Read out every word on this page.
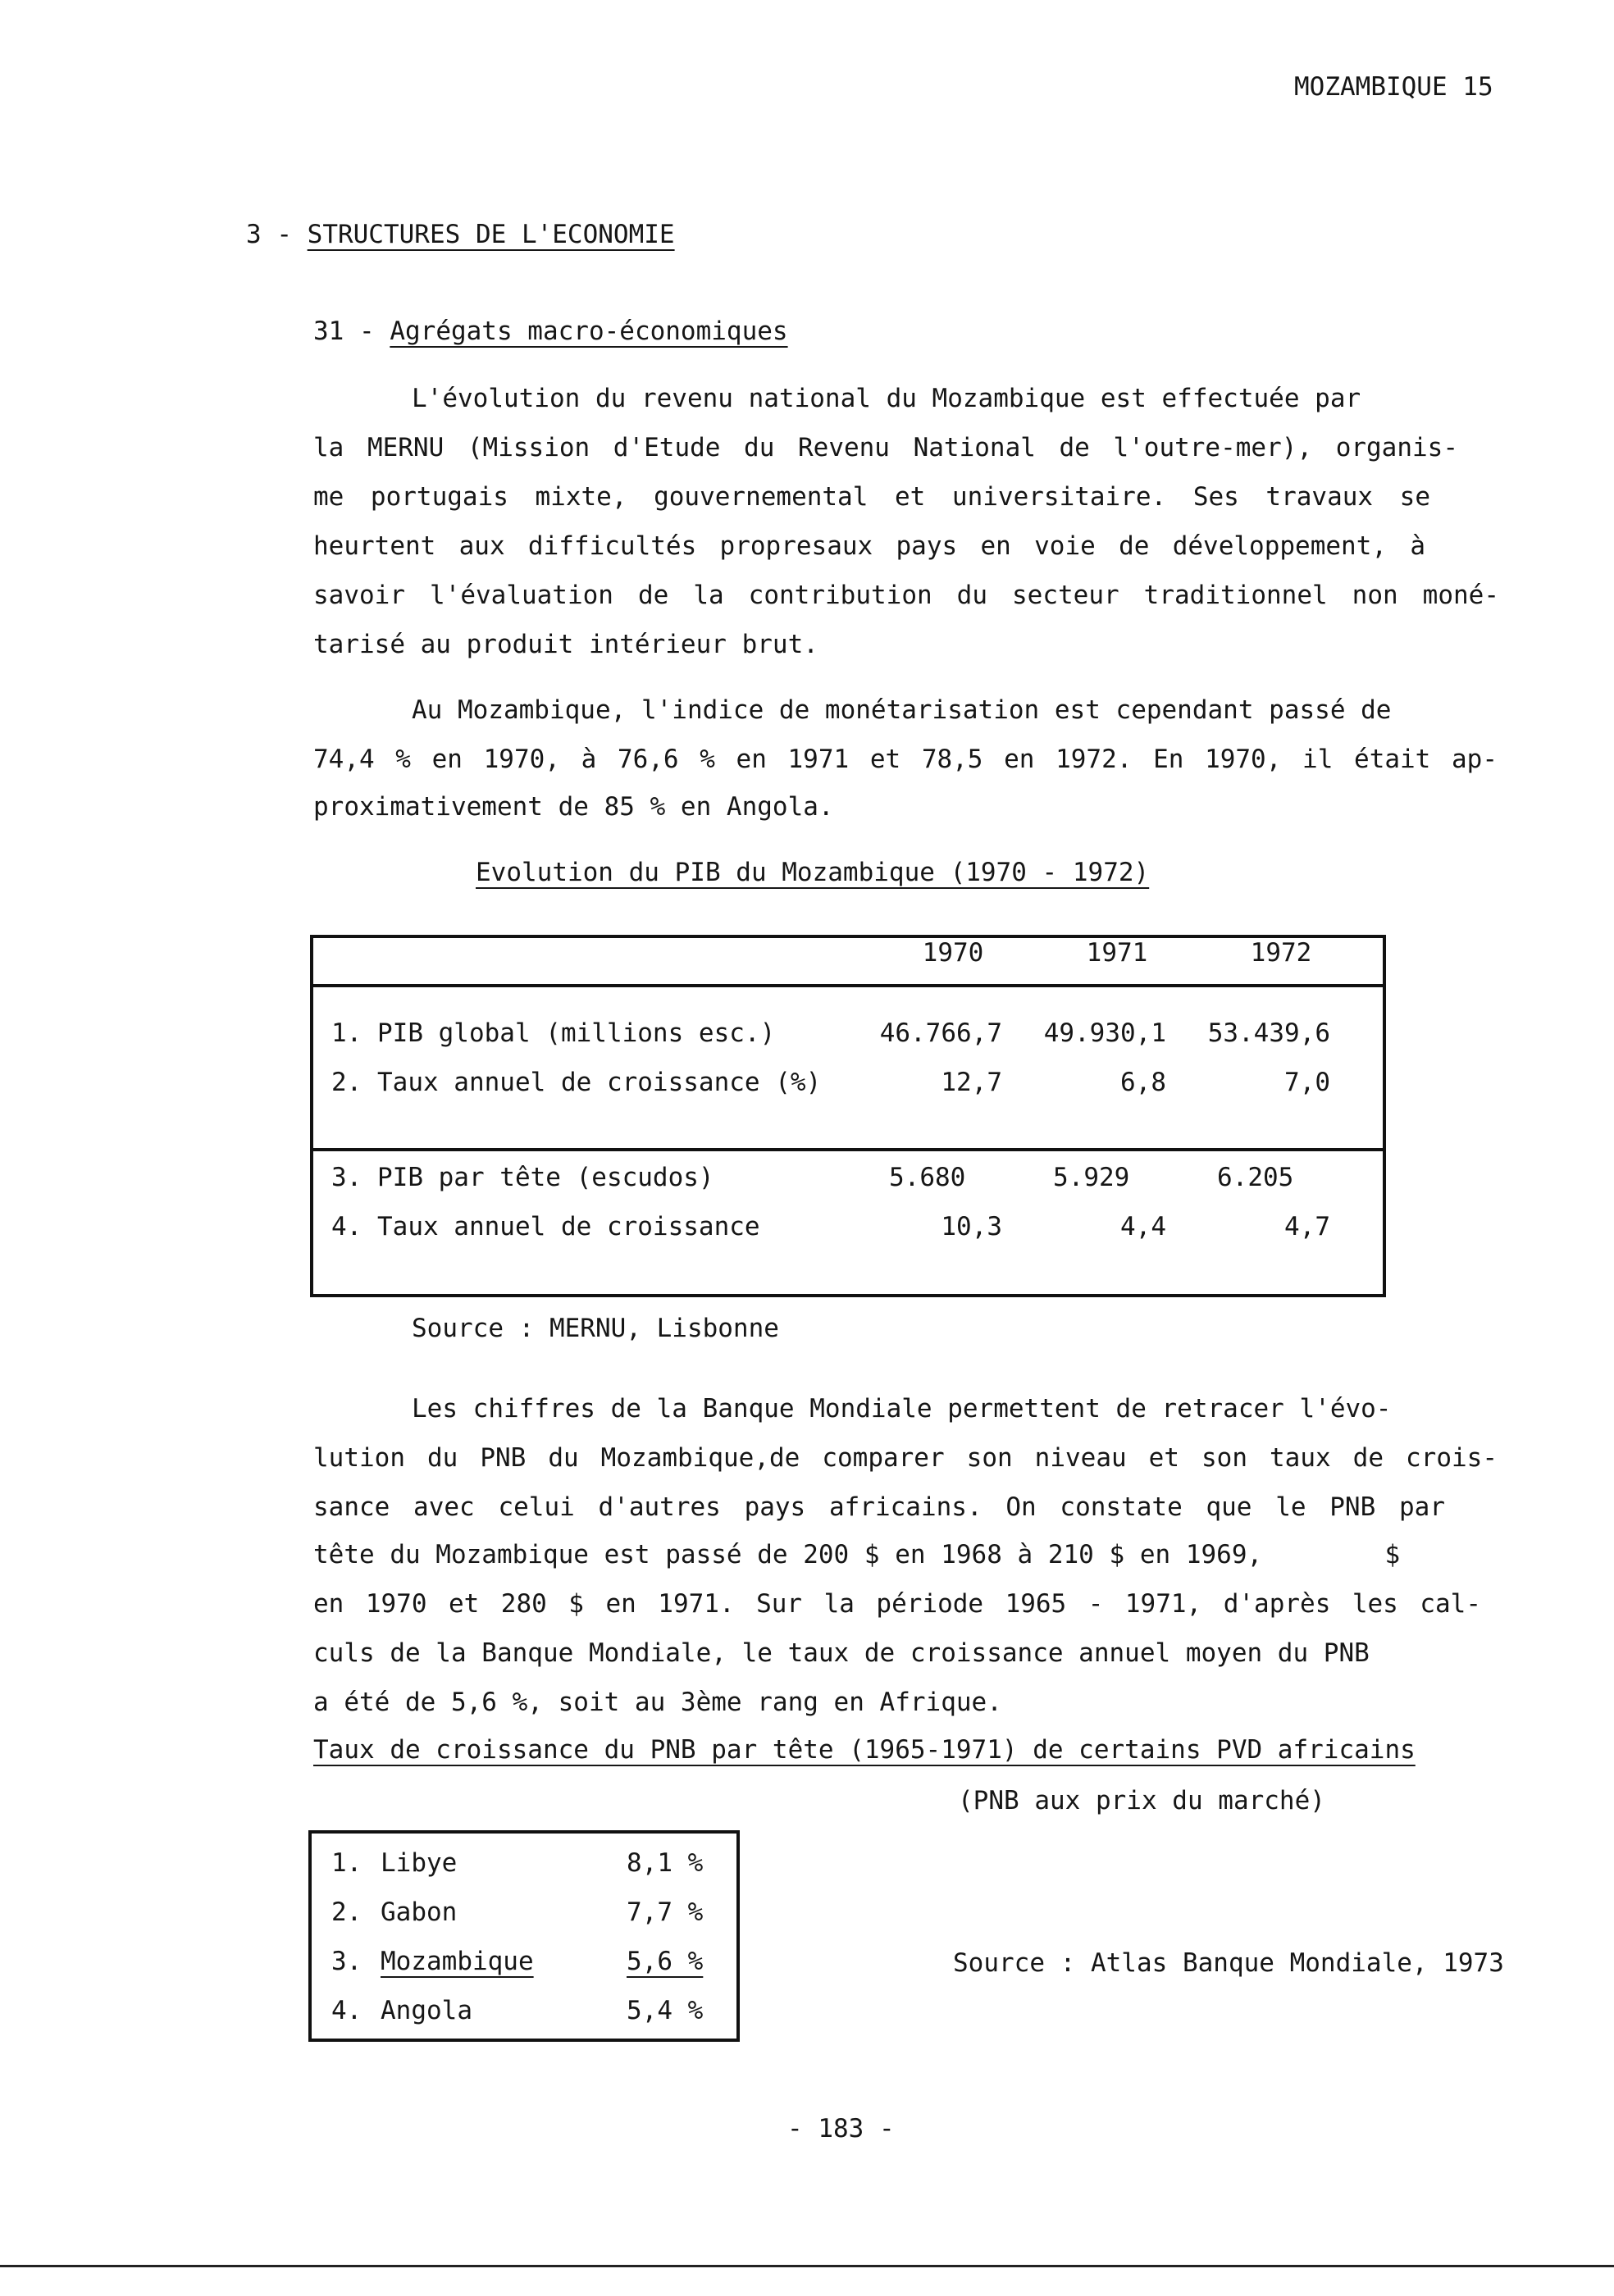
MOZAMBIQUE 15
3 - STRUCTURES DE L'ECONOMIE
31 - Agrégats macro-économiques
L'évolution du revenu national du Mozambique est effectuée par
la MERNU (Mission d'Etude du Revenu National de l'outre-mer), organis-
me portugais mixte, gouvernemental et universitaire. Ses travaux se
heurtent aux difficultés propresaux pays en voie de développement, à
savoir l'évaluation de la contribution du secteur traditionnel non moné-
tarisé au produit intérieur brut.
Au Mozambique, l'indice de monétarisation est cependant passé de
74,4 % en 1970, à 76,6 % en 1971 et 78,5 en 1972. En 1970, il était ap-
proximativement de 85 % en Angola.
Evolution du PIB du Mozambique (1970 - 1972)
1970	1971	1972
1. PIB global (millions esc.)	46.766,7	49.930,1	53.439,6
2. Taux annuel de croissance (%)	12,7	6,8	7,0
3. PIB par tête (escudos)	5.680	5.929	6.205
4. Taux annuel de croissance	10,3	4,4	4,7
Source : MERNU, Lisbonne
Les chiffres de la Banque Mondiale permettent de retracer l'évo-
lution du PNB du Mozambique,de comparer son niveau et son taux de crois-
sance avec celui d'autres pays africains. On constate que le PNB par
tête du Mozambique est passé de 200 $ en 1968 à 210 $ en 1969,        $
en 1970 et 280 $ en 1971. Sur la période 1965 - 1971, d'après les cal-
culs de la Banque Mondiale, le taux de croissance annuel moyen du PNB
a été de 5,6 %, soit au 3ème rang en Afrique.
Taux de croissance du PNB par tête (1965-1971) de certains PVD africains
(PNB aux prix du marché)
1. Libye	8,1 %
2. Gabon	7,7 %
3. Mozambique	5,6 %
4. Angola	5,4 %
Source : Atlas Banque Mondiale, 1973
- 183 -
